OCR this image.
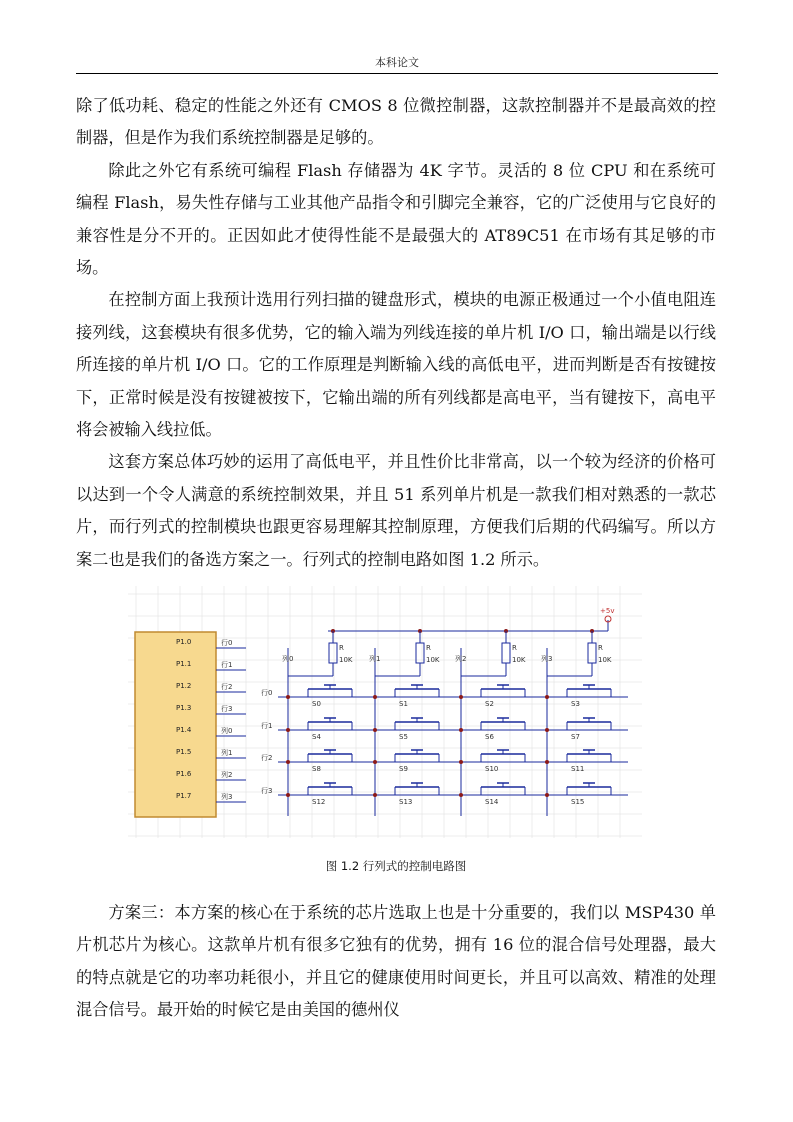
本科论文

除了低功耗、稳定的性能之外还有 CMOS 8 位微控制器，这款控制器并不是最高效的控制器，但是作为我们系统控制器是足够的。

除此之外它有系统可编程 Flash 存储器为 4K 字节。灵活的 8 位 CPU 和在系统可编程 Flash，易失性存储与工业其他产品指令和引脚完全兼容，它的广泛使用与它良好的兼容性是分不开的。正因如此才使得性能不是最强大的 AT89C51 在市场有其足够的市场。

在控制方面上我预计选用行列扫描的键盘形式，模块的电源正极通过一个小值电阻连接列线，这套模块有很多优势，它的输入端为列线连接的单片机 I/O 口，输出端是以行线所连接的单片机 I/O 口。它的工作原理是判断输入线的高低电平，进而判断是否有按键按下，正常时候是没有按键被按下，它输出端的所有列线都是高电平，当有键按下，高电平将会被输入线拉低。

这套方案总体巧妙的运用了高低电平，并且性价比非常高，以一个较为经济的价格可以达到一个令人满意的系统控制效果，并且 51 系列单片机是一款我们相对熟悉的一款芯片，而行列式的控制模块也跟更容易理解其控制原理，方便我们后期的代码编写。所以方案二也是我们的备选方案之一。行列式的控制电路如图 1.2 所示。

P1.0	行0
P1.1	行1
P1.2	行2
P1.3	行3
P1.4	列0
P1.5	列1
P1.6	列2
P1.7	列3
+5v
R
10K
列0
R
10K
列1
R
10K
列2
R
10K
列3
行0
S0	S1	S2	S3
行1
S4	S5	S6	S7
行2
S8	S9	S10	S11
行3
S12	S13	S14	S15
图 1.2 行列式的控制电路图

方案三：本方案的核心在于系统的芯片选取上也是十分重要的，我们以 MSP430 单片机芯片为核心。这款单片机有很多它独有的优势，拥有 16 位的混合信号处理器，最大的特点就是它的功率功耗很小，并且它的健康使用时间更长，并且可以高效、精准的处理混合信号。最开始的时候它是由美国的德州仪
